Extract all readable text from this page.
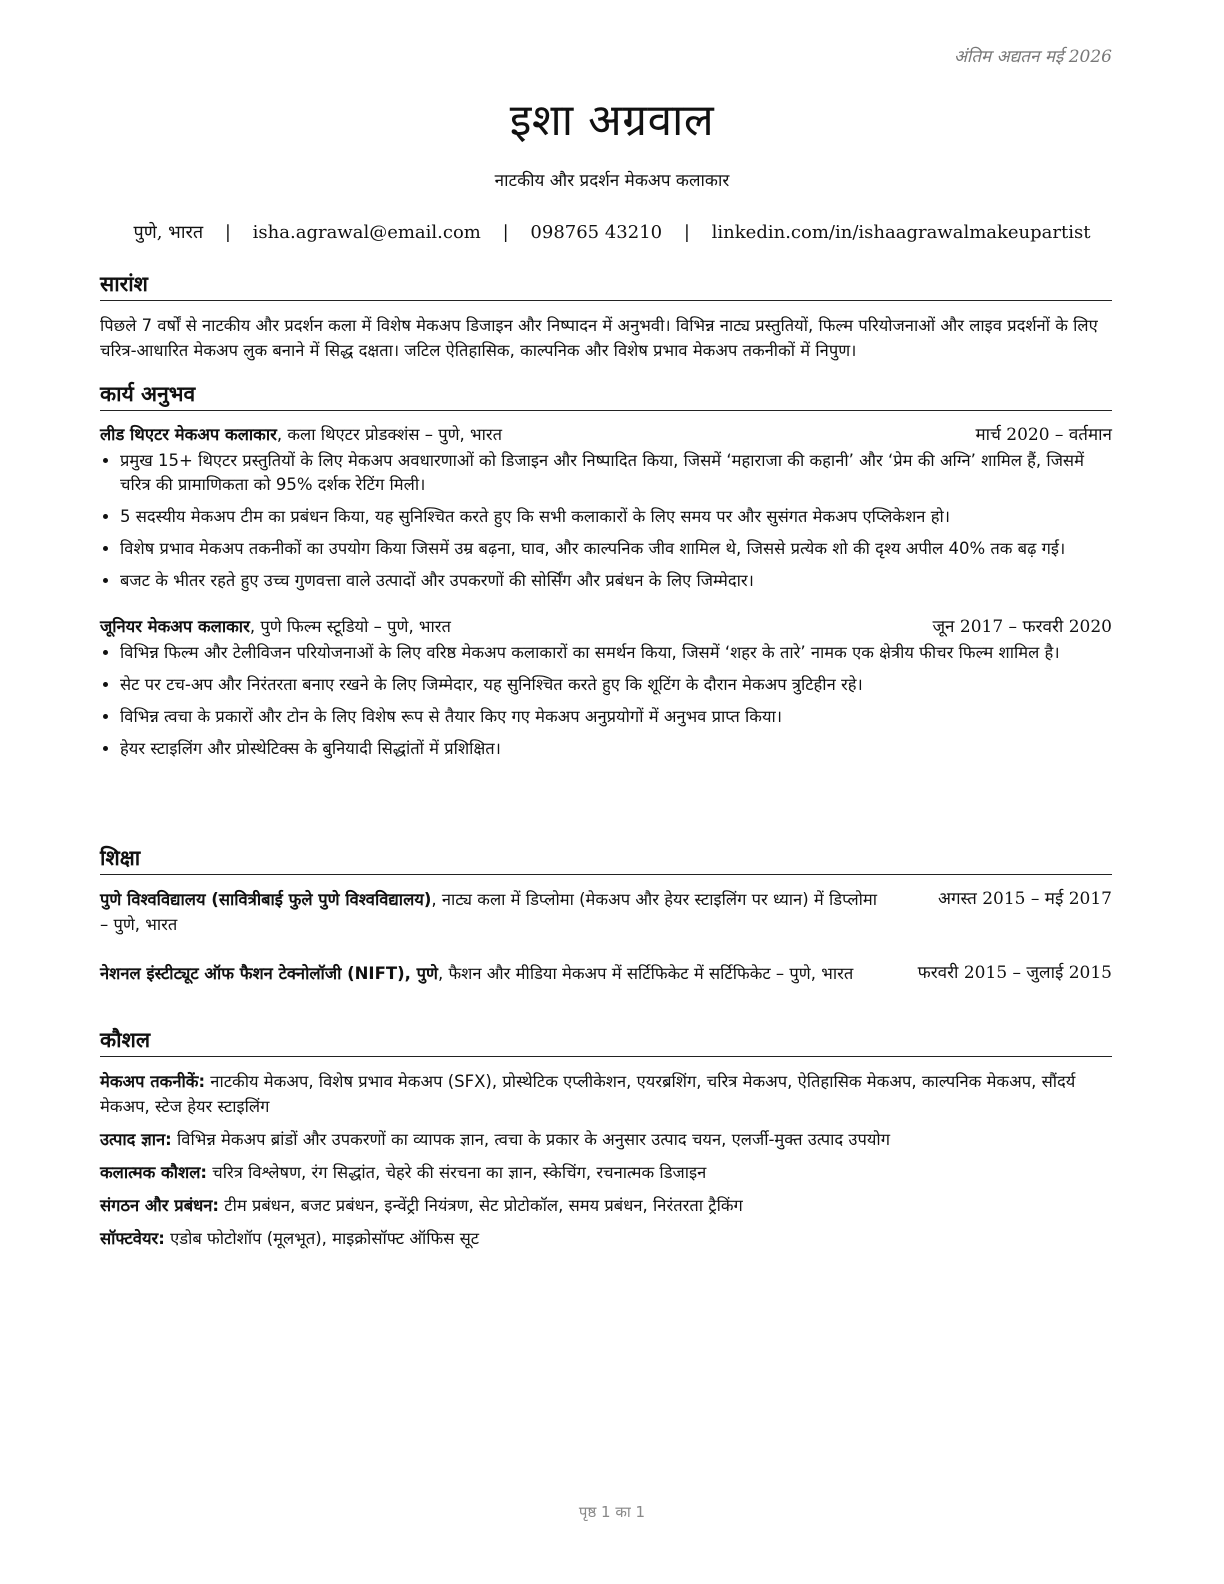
अंतिम अद्यतन मई 2026
इशा अग्रवाल
नाटकीय और प्रदर्शन मेकअप कलाकार
पुणे, भारत | isha.agrawal@email.com | 098765 43210 | linkedin.com/in/ishaagrawalmakeupartist
सारांश

पिछले 7 वर्षों से नाटकीय और प्रदर्शन कला में विशेष मेकअप डिजाइन और निष्पादन में अनुभवी। विभिन्न नाट्य प्रस्तुतियों, फिल्म परियोजनाओं और लाइव प्रदर्शनों के लिए चरित्र-आधारित मेकअप लुक बनाने में सिद्ध दक्षता। जटिल ऐतिहासिक, काल्पनिक और विशेष प्रभाव मेकअप तकनीकों में निपुण।

कार्य अनुभव
लीड थिएटर मेकअप कलाकार, कला थिएटर प्रोडक्शंस – पुणे, भारत	मार्च 2020 – वर्तमान
• प्रमुख 15+ थिएटर प्रस्तुतियों के लिए मेकअप अवधारणाओं को डिजाइन और निष्पादित किया, जिसमें ‘महाराजा की कहानी’ और ‘प्रेम की अग्नि’ शामिल हैं, जिसमें चरित्र की प्रामाणिकता को 95% दर्शक रेटिंग मिली।
• 5 सदस्यीय मेकअप टीम का प्रबंधन किया, यह सुनिश्चित करते हुए कि सभी कलाकारों के लिए समय पर और सुसंगत मेकअप एप्लिकेशन हो।
• विशेष प्रभाव मेकअप तकनीकों का उपयोग किया जिसमें उम्र बढ़ना, घाव, और काल्पनिक जीव शामिल थे, जिससे प्रत्येक शो की दृश्य अपील 40% तक बढ़ गई।
• बजट के भीतर रहते हुए उच्च गुणवत्ता वाले उत्पादों और उपकरणों की सोर्सिंग और प्रबंधन के लिए जिम्मेदार।
जूनियर मेकअप कलाकार, पुणे फिल्म स्टूडियो – पुणे, भारत	जून 2017 – फरवरी 2020
• विभिन्न फिल्म और टेलीविजन परियोजनाओं के लिए वरिष्ठ मेकअप कलाकारों का समर्थन किया, जिसमें ‘शहर के तारे’ नामक एक क्षेत्रीय फीचर फिल्म शामिल है।
• सेट पर टच-अप और निरंतरता बनाए रखने के लिए जिम्मेदार, यह सुनिश्चित करते हुए कि शूटिंग के दौरान मेकअप त्रुटिहीन रहे।
• विभिन्न त्वचा के प्रकारों और टोन के लिए विशेष रूप से तैयार किए गए मेकअप अनुप्रयोगों में अनुभव प्राप्त किया।
• हेयर स्टाइलिंग और प्रोस्थेटिक्स के बुनियादी सिद्धांतों में प्रशिक्षित।
शिक्षा
पुणे विश्वविद्यालय (सावित्रीबाई फुले पुणे विश्वविद्यालय), नाट्य कला में डिप्लोमा (मेकअप और हेयर स्टाइलिंग पर ध्यान) में डिप्लोमा – पुणे, भारत
अगस्त 2015 – मई 2017
नेशनल इंस्टीट्यूट ऑफ फैशन टेक्नोलॉजी (NIFT), पुणे, फैशन और मीडिया मेकअप में सर्टिफिकेट में सर्टिफिकेट – पुणे, भारत	फरवरी 2015 – जुलाई 2015
कौशल

मेकअप तकनीकें: नाटकीय मेकअप, विशेष प्रभाव मेकअप (SFX), प्रोस्थेटिक एप्लीकेशन, एयरब्रशिंग, चरित्र मेकअप, ऐतिहासिक मेकअप, काल्पनिक मेकअप, सौंदर्य मेकअप, स्टेज हेयर स्टाइलिंग

उत्पाद ज्ञान: विभिन्न मेकअप ब्रांडों और उपकरणों का व्यापक ज्ञान, त्वचा के प्रकार के अनुसार उत्पाद चयन, एलर्जी-मुक्त उत्पाद उपयोग

कलात्मक कौशल: चरित्र विश्लेषण, रंग सिद्धांत, चेहरे की संरचना का ज्ञान, स्केचिंग, रचनात्मक डिजाइन

संगठन और प्रबंधन: टीम प्रबंधन, बजट प्रबंधन, इन्वेंट्री नियंत्रण, सेट प्रोटोकॉल, समय प्रबंधन, निरंतरता ट्रैकिंग

सॉफ्टवेयर: एडोब फोटोशॉप (मूलभूत), माइक्रोसॉफ्ट ऑफिस सूट

पृष्ठ 1 का 1
